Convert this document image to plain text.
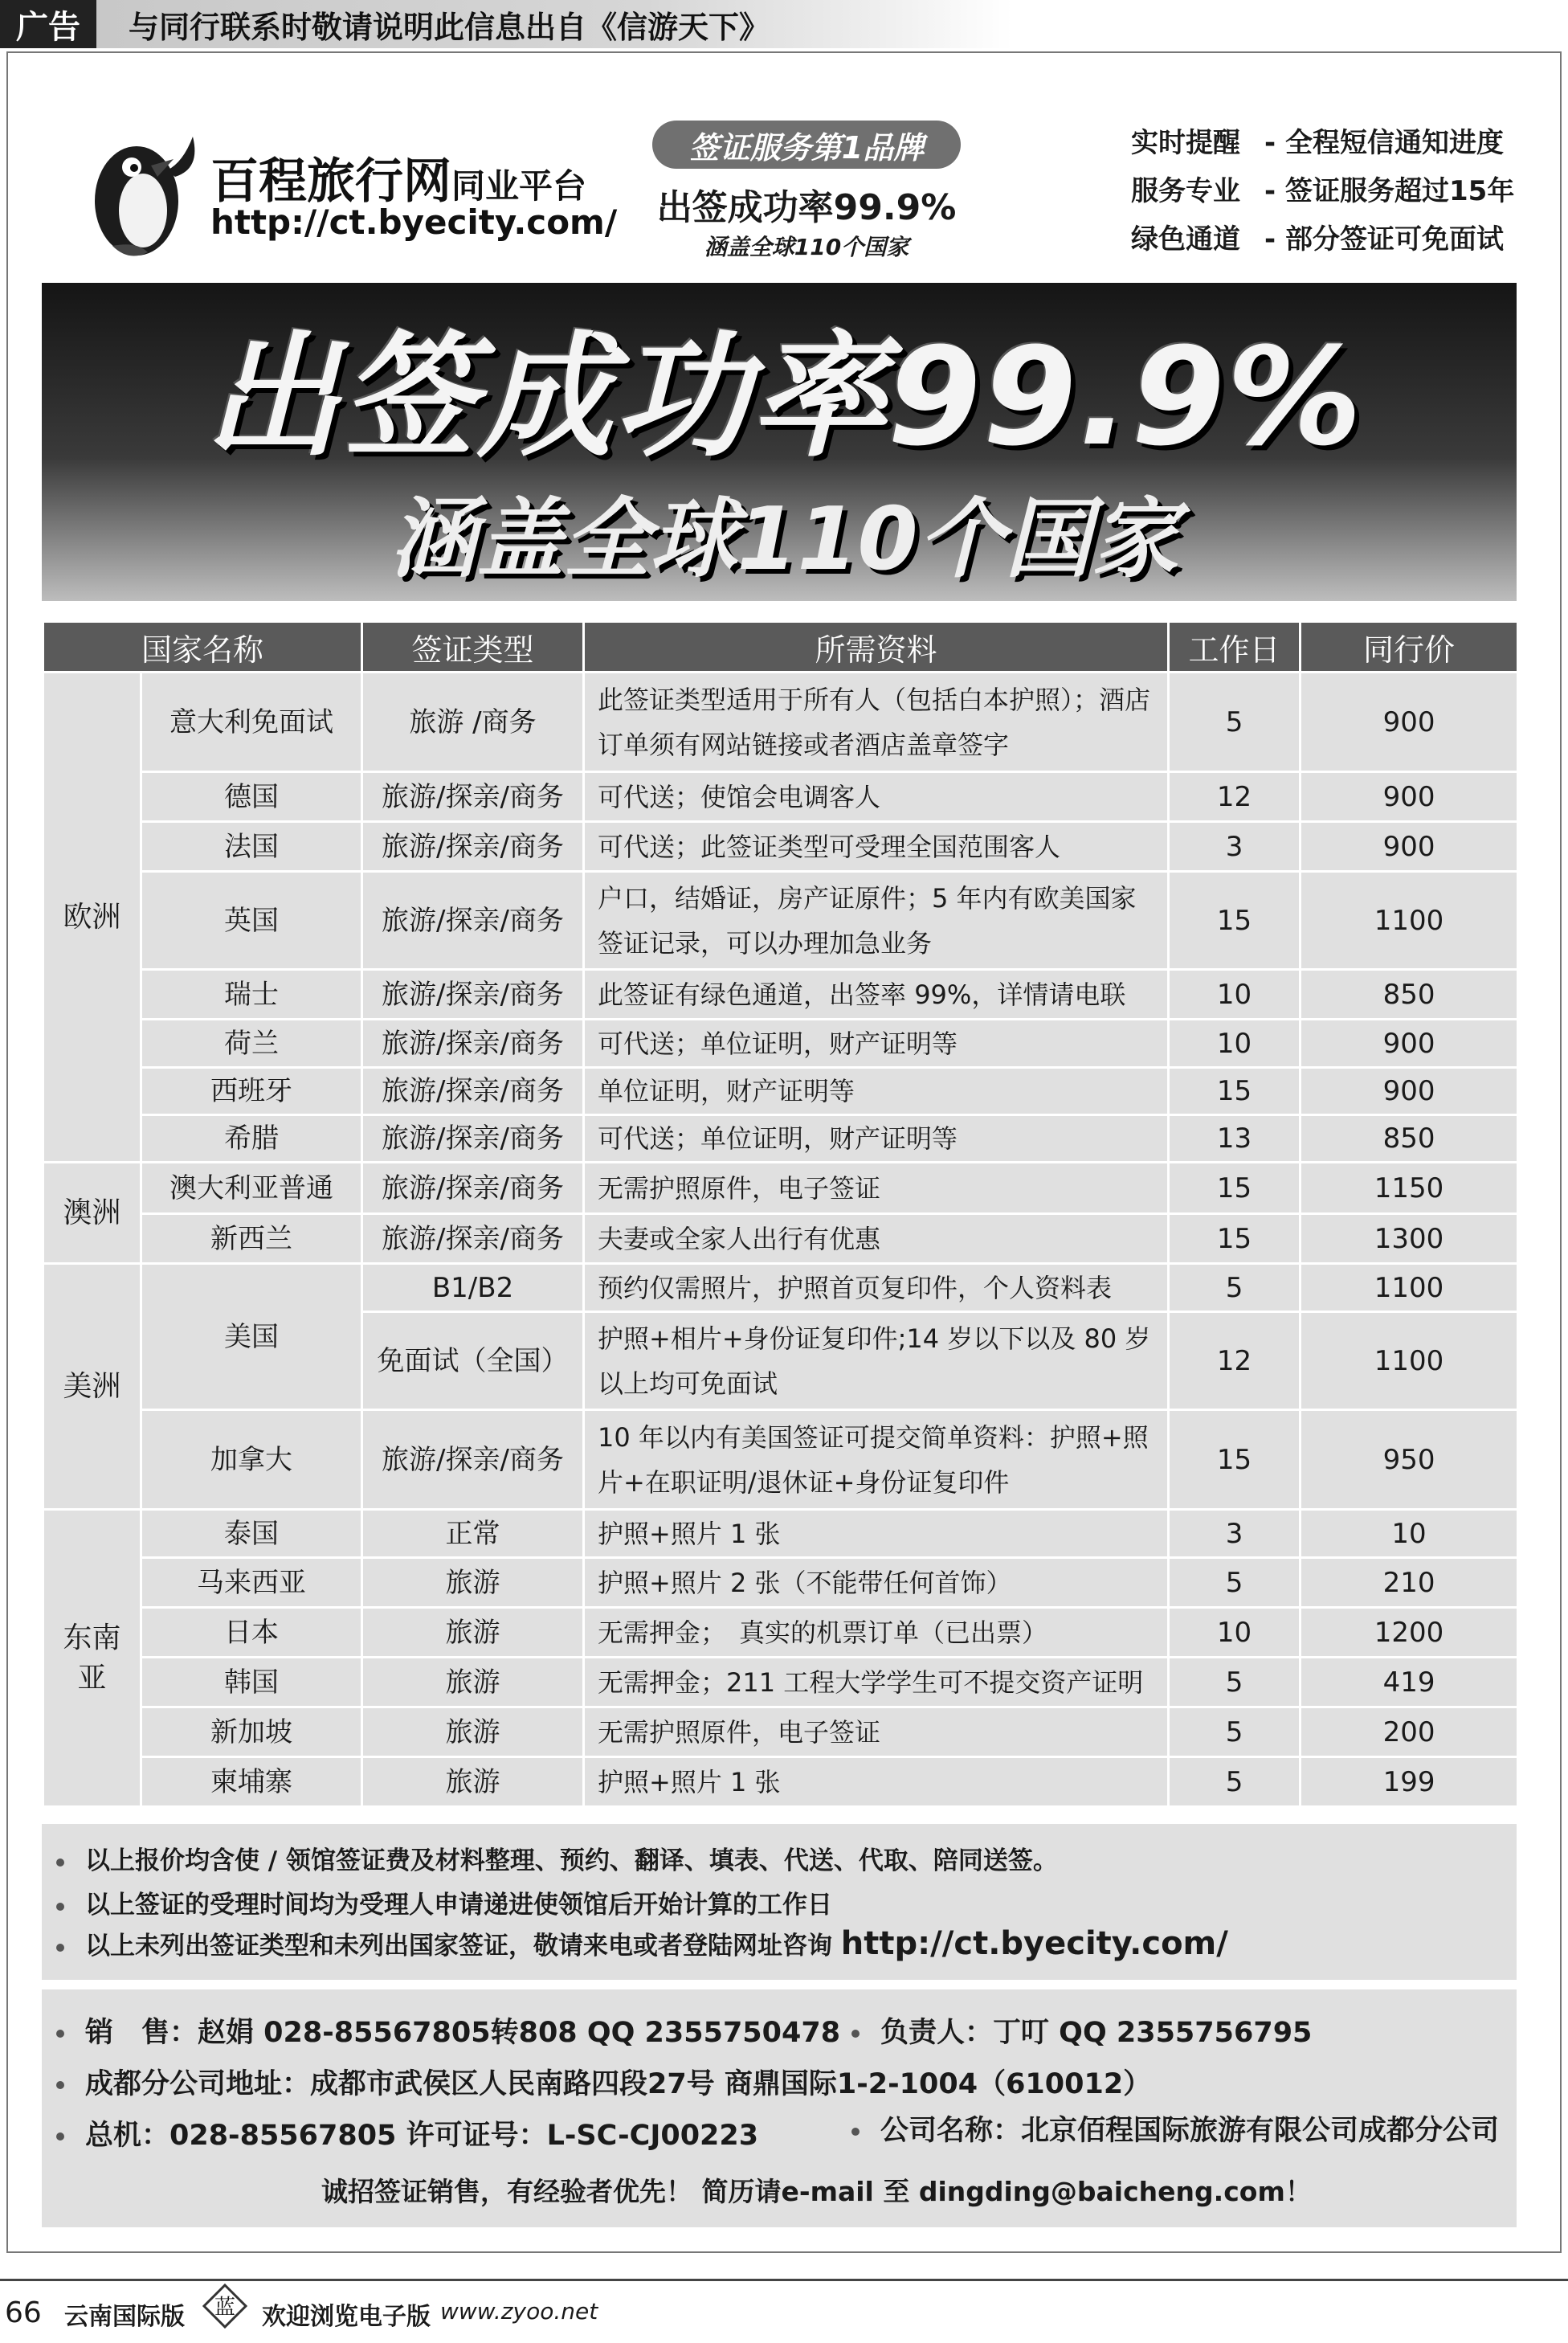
广告	与同行联系时敬请说明此信息出自《信游天下》
百程旅行网同业平台
http://ct.byecity.com/
签证服务第1品牌
出签成功率99.9%
涵盖全球110个国家
实时提醒 - 全程短信通知进度
服务专业 - 签证服务超过15年
绿色通道 - 部分签证可免面试
出签成功率99.9%
涵盖全球110个国家
国家名称		签证类型	所需资料	工作日	同行价
欧洲	意大利免面试	旅游 /商务	此签证类型适用于所有人（包括白本护照）；酒店订单须有网站链接或者酒店盖章签字	5	900
	德国	旅游/探亲/商务	可代送；使馆会电调客人	12	900
	法国	旅游/探亲/商务	可代送；此签证类型可受理全国范围客人	3	900
	英国	旅游/探亲/商务	户口，结婚证，房产证原件；5 年内有欧美国家签证记录，可以办理加急业务	15	1100
	瑞士	旅游/探亲/商务	此签证有绿色通道，出签率 99%，详情请电联	10	850
	荷兰	旅游/探亲/商务	可代送；单位证明，财产证明等	10	900
	西班牙	旅游/探亲/商务	单位证明，财产证明等	15	900
	希腊	旅游/探亲/商务	可代送；单位证明，财产证明等	13	850
澳洲	澳大利亚普通	旅游/探亲/商务	无需护照原件，电子签证	15	1150
	新西兰	旅游/探亲/商务	夫妻或全家人出行有优惠	15	1300
美洲	美国	B1/B2	预约仅需照片，护照首页复印件，个人资料表	5	1100
		免面试（全国）	护照+相片+身份证复印件;14 岁以下以及 80 岁以上均可免面试	12	1100
	加拿大	旅游/探亲/商务	10 年以内有美国签证可提交简单资料：护照+照片+在职证明/退休证+身份证复印件	15	950
东南亚	泰国	正常	护照+照片 1 张	3	10
	马来西亚	旅游	护照+照片 2 张（不能带任何首饰）	5	210
	日本	旅游	无需押金；　真实的机票订单（已出票）	10	1200
	韩国	旅游	无需押金；211 工程大学学生可不提交资产证明	5	419
	新加坡	旅游	无需护照原件，电子签证	5	200
	柬埔寨	旅游	护照+照片 1 张	5	199
以上报价均含使 / 领馆签证费及材料整理、预约、翻译、填表、代送、代取、陪同送签。
以上签证的受理时间均为受理人申请递进使领馆后开始计算的工作日
以上未列出签证类型和未列出国家签证，敬请来电或者登陆网址咨询 http://ct.byecity.com/
销　售：赵娟 028-85567805转808 QQ 2355750478	负责人：丁叮 QQ 2355756795
成都分公司地址：成都市武侯区人民南路四段27号 商鼎国际1-2-1004（610012）
总机：028-85567805 许可证号：L-SC-CJ00223	公司名称：北京佰程国际旅游有限公司成都分公司
诚招签证销售，有经验者优先！ 简历请e-mail 至 dingding@baicheng.com！
66 云南国际版 蓝 欢迎浏览电子版 www.zyoo.net
